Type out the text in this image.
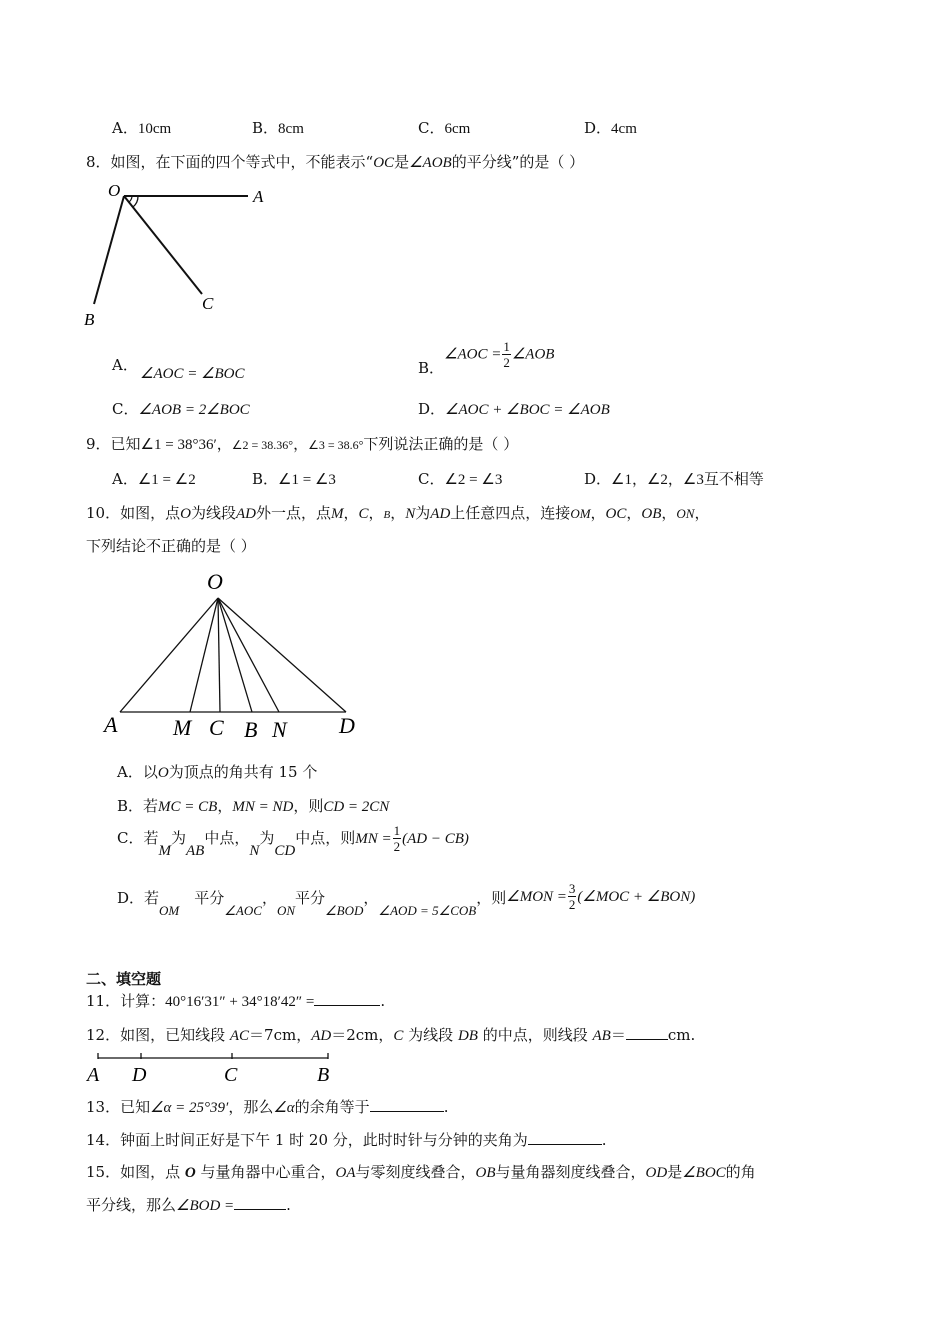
A．10cm	B．8cm	C．6cm	D．4cm
8．如图，在下面的四个等式中，不能表示“OC是∠AOB的平分线”的是（ ）
O	A
B
C
A． ∠AOC = ∠BOC	B．∠AOC = $\frac{1}{2}$ ∠AOB
C．∠AOB = 2∠BOC	D．∠AOC + ∠BOC = ∠AOB
9．已知∠1 = 38°36′，∠2 = 38.36°，∠3 = 38.6°下列说法正确的是（ ）
A．∠1 = ∠2	B．∠1 = ∠3	C．∠2 = ∠3	D．∠1，∠2，∠3互不相等
10．如图，点O为线段AD外一点，点M，C，B，N为AD上任意四点，连接OM，OC，OB，ON，
下列结论不正确的是（ ）
O
A	M C B N D
A．以O为顶点的角共有 15 个
B．若MC = CB，MN = ND，则CD = 2CN
C．若M为AB中点，N为CD中点，则MN = $\frac{1}{2} (AD - CB)$
D．若OM 平分∠AOC，ON平分∠BOD，∠AOD = 5∠COB，则∠MON = $\frac{3}{2}$ (∠MOC + ∠BON)
二、填空题
11．计算：40°16′31″ + 34°18′42″ =	.
12．如图，已知线段 AC＝7cm，AD＝2cm，C 为线段 DB 的中点，则线段 AB＝	cm.
A D	C	B
13．已知∠α = 25°39′，那么∠α的余角等于	.
14．钟面上时间正好是下午 1 时 20 分，此时时针与分钟的夹角为	.
15．如图，点 O 与量角器中心重合，OA与零刻度线叠合，OB与量角器刻度线叠合，OD是∠BOC的角
平分线，那么∠BOD =	.
